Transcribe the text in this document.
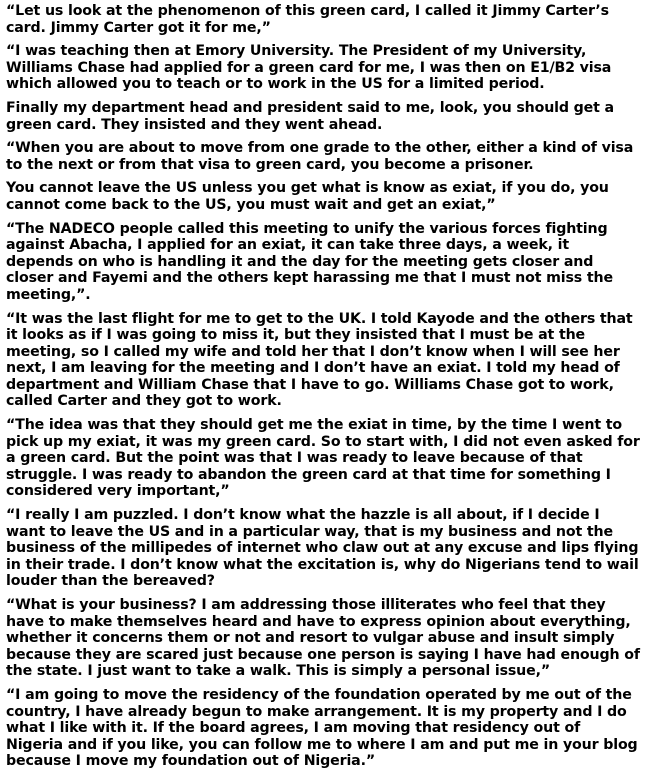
“Let us look at the phenomenon of this green card, I called it Jimmy Carter’s card. Jimmy Carter got it for me,”

“I was teaching then at Emory University. The President of my University, Williams Chase had applied for a green card for me, I was then on E1/B2 visa which allowed you to teach or to work in the US for a limited period.

Finally my department head and president said to me, look, you should get a green card. They insisted and they went ahead.

“When you are about to move from one grade to the other, either a kind of visa to the next or from that visa to green card, you become a prisoner.

You cannot leave the US unless you get what is know as exiat, if you do, you cannot come back to the US, you must wait and get an exiat,”

“The NADECO people called this meeting to unify the various forces fighting against Abacha, I applied for an exiat, it can take three days, a week, it depends on who is handling it and the day for the meeting gets closer and closer and Fayemi and the others kept harassing me that I must not miss the meeting,”.

“It was the last flight for me to get to the UK. I told Kayode and the others that it looks as if I was going to miss it, but they insisted that I must be at the meeting, so I called my wife and told her that I don’t know when I will see her next, I am leaving for the meeting and I don’t have an exiat. I told my head of department and William Chase that I have to go. Williams Chase got to work, called Carter and they got to work.

“The idea was that they should get me the exiat in time, by the time I went to pick up my exiat, it was my green card. So to start with, I did not even asked for a green card. But the point was that I was ready to leave because of that struggle. I was ready to abandon the green card at that time for something I considered very important,”

“I really I am puzzled. I don’t know what the hazzle is all about, if I decide I want to leave the US and in a particular way, that is my business and not the business of the millipedes of internet who claw out at any excuse and lips flying in their trade. I don’t know what the excitation is, why do Nigerians tend to wail louder than the bereaved?

“What is your business? I am addressing those illiterates who feel that they have to make themselves heard and have to express opinion about everything, whether it concerns them or not and resort to vulgar abuse and insult simply because they are scared just because one person is saying I have had enough of the state. I just want to take a walk. This is simply a personal issue,”

“I am going to move the residency of the foundation operated by me out of the country, I have already begun to make arrangement. It is my property and I do what I like with it. If the board agrees, I am moving that residency out of Nigeria and if you like, you can follow me to where I am and put me in your blog because I move my foundation out of Nigeria.”
